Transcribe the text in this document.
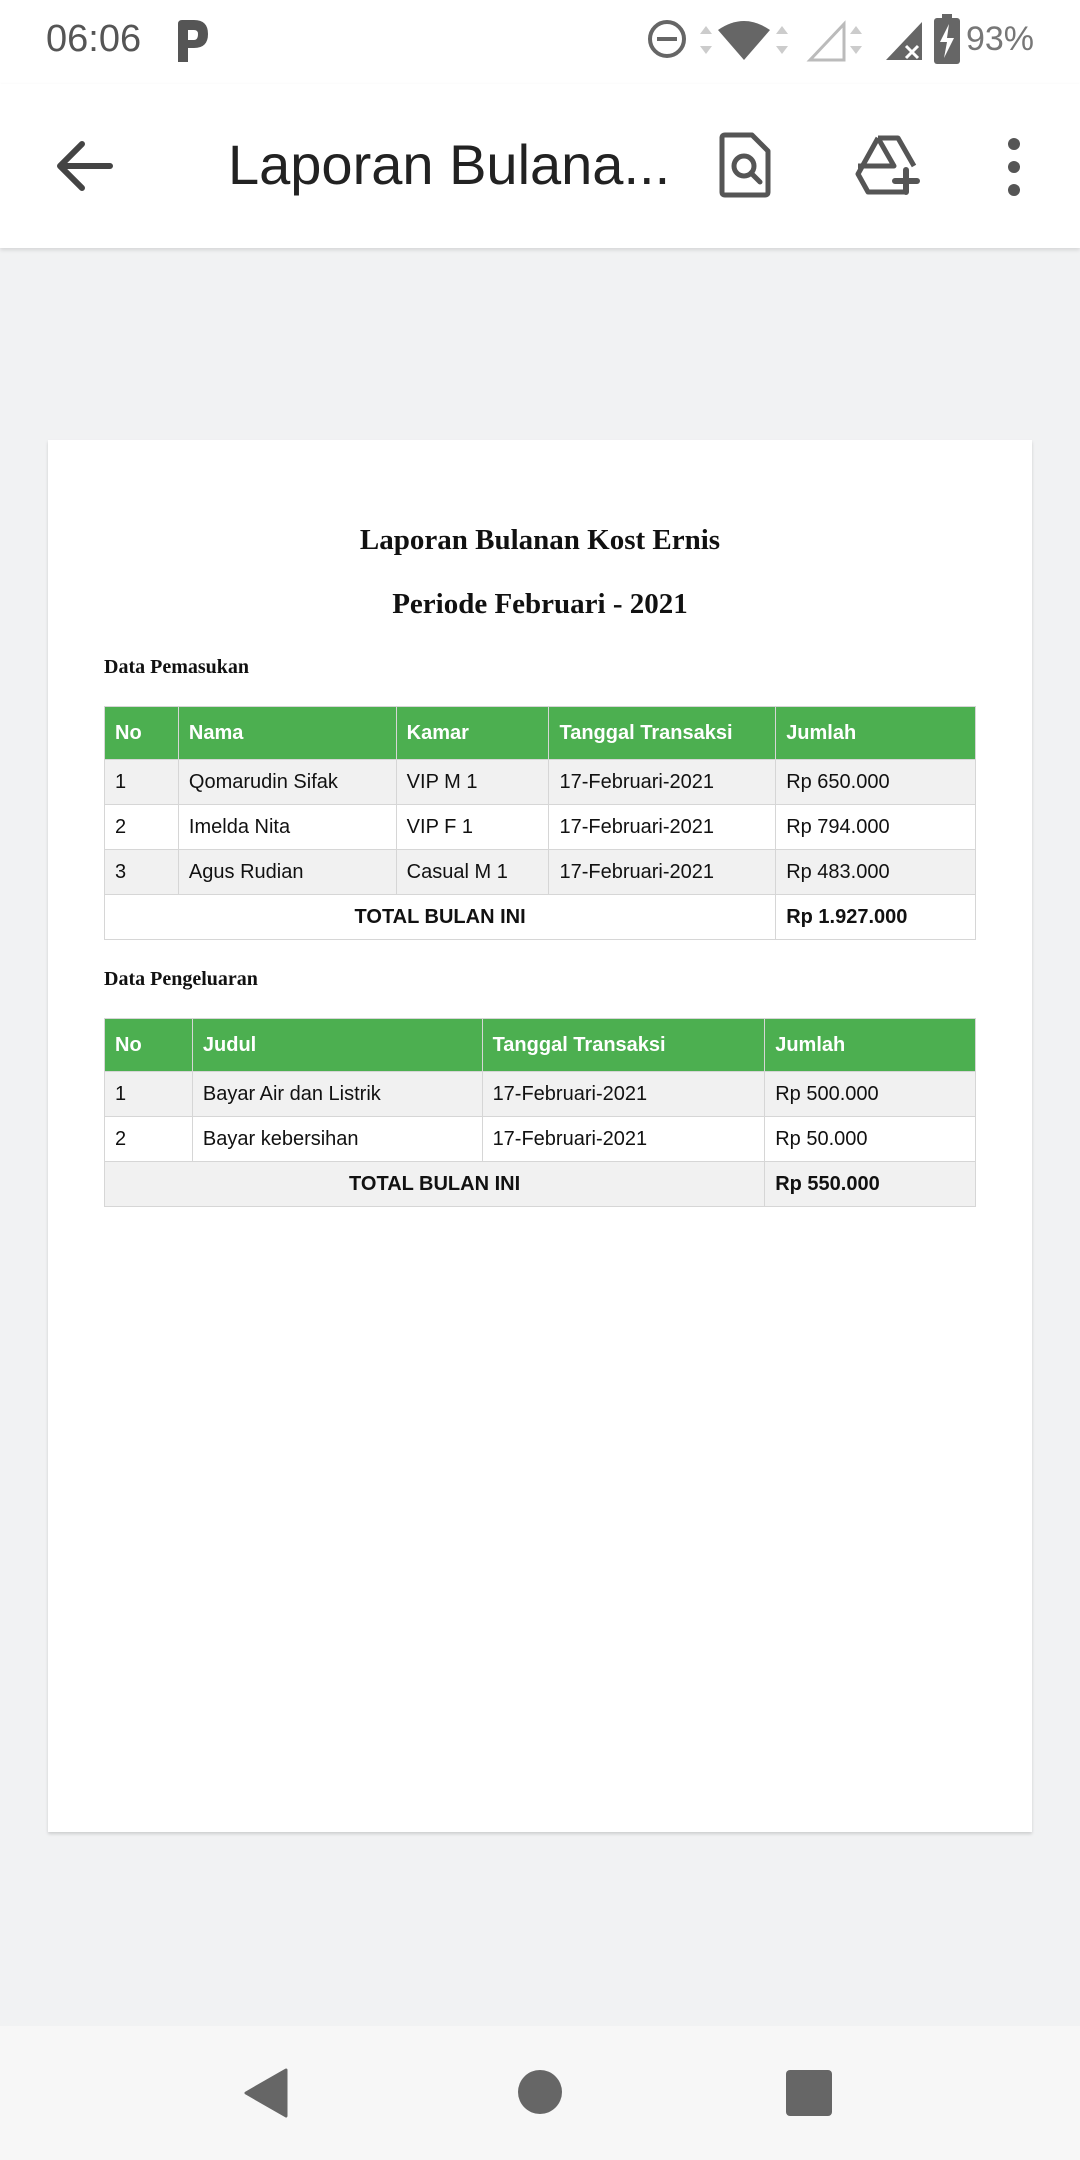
06:06	93%
Laporan Bulana...
Laporan Bulanan Kost Ernis
Periode Februari - 2021
Data Pemasukan
No	Nama	Kamar	Tanggal Transaksi	Jumlah
1	Qomarudin Sifak	VIP M 1	17-Februari-2021	Rp 650.000
2	Imelda Nita	VIP F 1	17-Februari-2021	Rp 794.000
3	Agus Rudian	Casual M 1	17-Februari-2021	Rp 483.000
TOTAL BULAN INI				Rp 1.927.000
Data Pengeluaran
No	Judul	Tanggal Transaksi	Jumlah
1	Bayar Air dan Listrik	17-Februari-2021	Rp 500.000
2	Bayar kebersihan	17-Februari-2021	Rp 50.000
TOTAL BULAN INI			Rp 550.000
